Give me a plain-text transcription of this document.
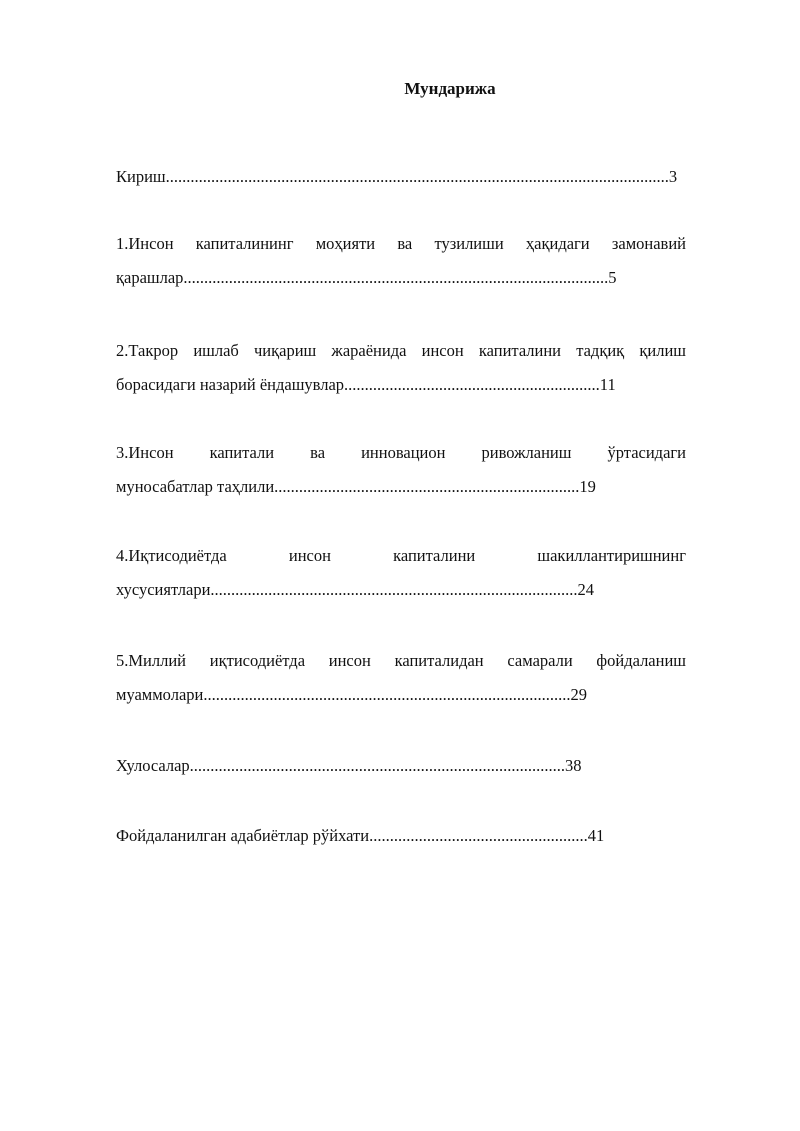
Мундарижа
Кириш..........................................................................................................................3
1.Инсон капиталининг моҳияти ва тузилиши ҳақидаги замонавий
қарашлар.......................................................................................................5
2.Такрор ишлаб чиқариш жараёнида инсон капиталини тадқиқ қилиш
борасидаги назарий ёндашувлар..............................................................11
3.Инсон капитали ва инновацион ривожланиш ўртасидаги
муносабатлар таҳлили..........................................................................19
4.Иқтисодиётда инсон капиталини шакиллантиришнинг
хусусиятлари.........................................................................................24
5.Миллий иқтисодиётда инсон капиталидан самарали фойдаланиш
муаммолари.........................................................................................29
Хулосалар...........................................................................................38
Фойдаланилган адабиётлар рўйхати.....................................................41
